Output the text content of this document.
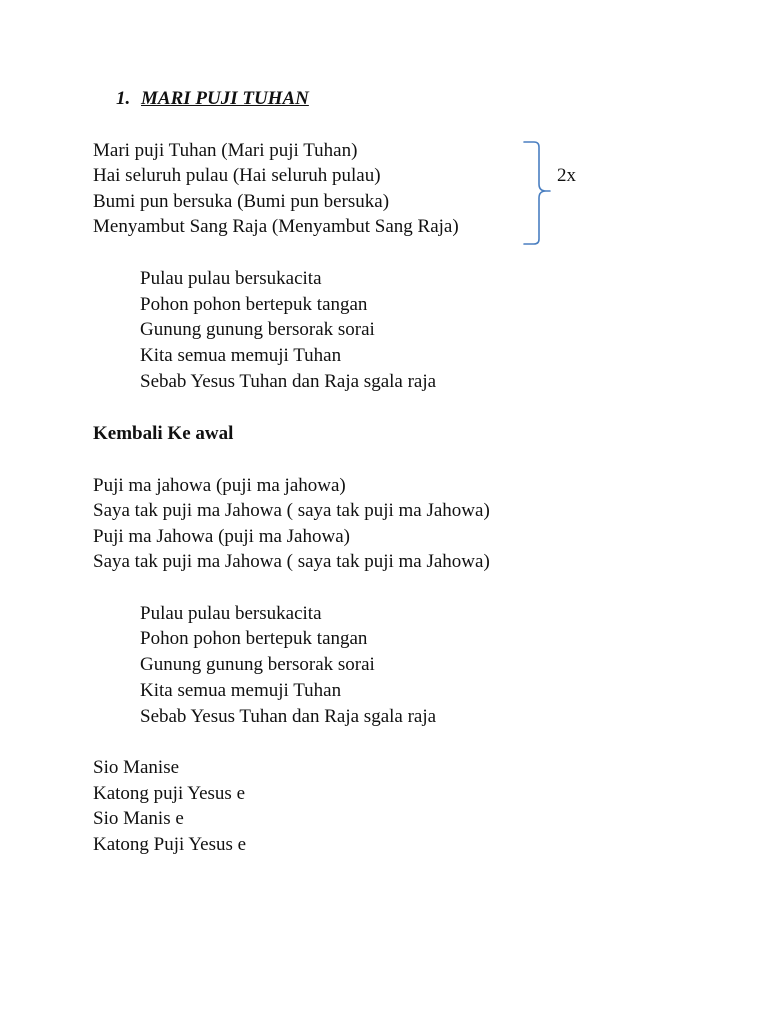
1. MARI PUJI TUHAN
Mari puji Tuhan (Mari puji Tuhan)
Hai seluruh pulau (Hai seluruh pulau)
Bumi pun bersuka (Bumi pun bersuka)
Menyambut Sang Raja (Menyambut Sang Raja)
2x
Pulau pulau bersukacita
Pohon pohon bertepuk tangan
Gunung gunung bersorak sorai
Kita semua memuji Tuhan
Sebab Yesus Tuhan dan Raja sgala raja
Kembali Ke awal
Puji ma jahowa (puji ma jahowa)
Saya tak puji ma Jahowa ( saya tak puji ma Jahowa)
Puji ma Jahowa (puji ma Jahowa)
Saya tak puji ma Jahowa ( saya tak puji ma Jahowa)
Pulau pulau bersukacita
Pohon pohon bertepuk tangan
Gunung gunung bersorak sorai
Kita semua memuji Tuhan
Sebab Yesus Tuhan dan Raja sgala raja
Sio Manise
Katong puji Yesus e
Sio Manis e
Katong Puji Yesus e
